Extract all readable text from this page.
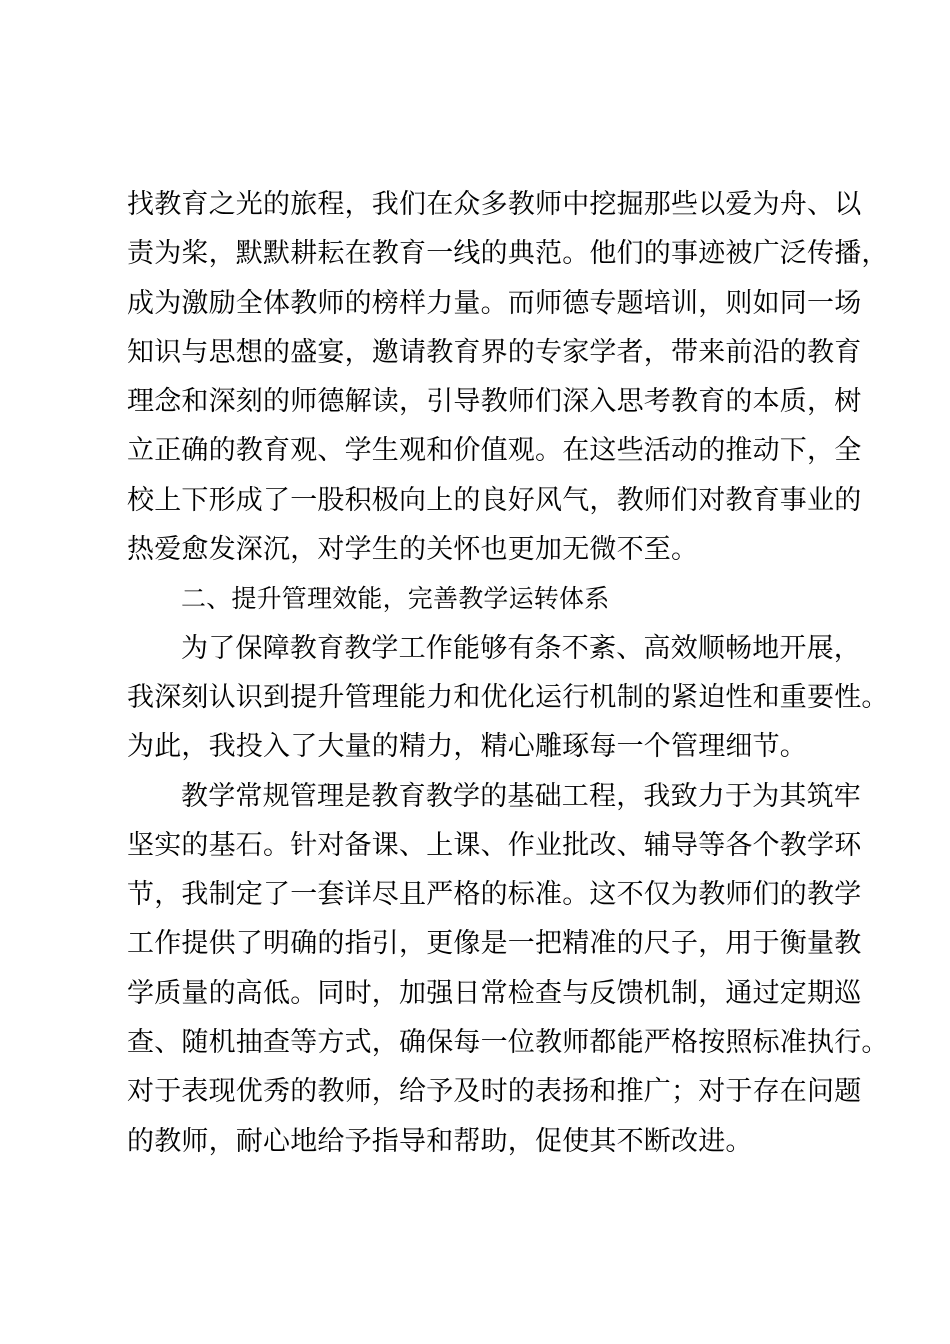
找教育之光的旅程，我们在众多教师中挖掘那些以爱为舟、以
责为桨，默默耕耘在教育一线的典范。他们的事迹被广泛传播，
成为激励全体教师的榜样力量。而师德专题培训，则如同一场
知识与思想的盛宴，邀请教育界的专家学者，带来前沿的教育
理念和深刻的师德解读，引导教师们深入思考教育的本质，树
立正确的教育观、学生观和价值观。在这些活动的推动下，全
校上下形成了一股积极向上的良好风气，教师们对教育事业的
热爱愈发深沉，对学生的关怀也更加无微不至。
二、提升管理效能，完善教学运转体系
为了保障教育教学工作能够有条不紊、高效顺畅地开展，
我深刻认识到提升管理能力和优化运行机制的紧迫性和重要性。
为此，我投入了大量的精力，精心雕琢每一个管理细节。
教学常规管理是教育教学的基础工程，我致力于为其筑牢
坚实的基石。针对备课、上课、作业批改、辅导等各个教学环
节，我制定了一套详尽且严格的标准。这不仅为教师们的教学
工作提供了明确的指引，更像是一把精准的尺子，用于衡量教
学质量的高低。同时，加强日常检查与反馈机制，通过定期巡
查、随机抽查等方式，确保每一位教师都能严格按照标准执行。
对于表现优秀的教师，给予及时的表扬和推广；对于存在问题
的教师，耐心地给予指导和帮助，促使其不断改进。
